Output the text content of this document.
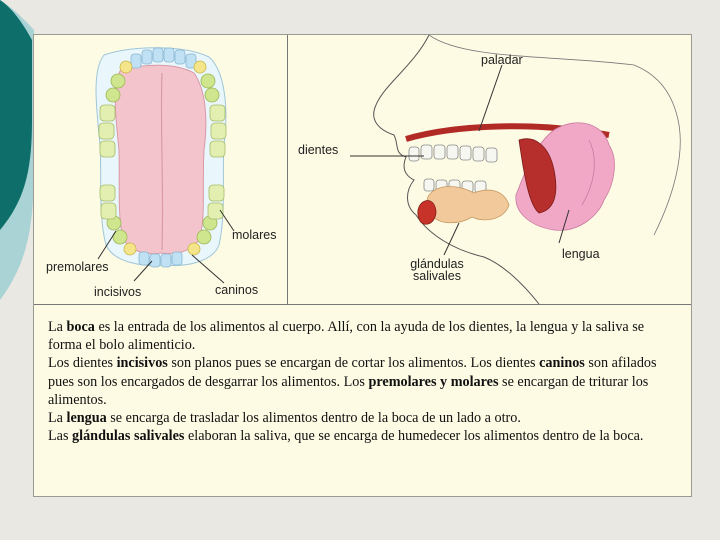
paladar
dientes
molares
premolares
incisivos	caninos
lengua
glándulas
salivales

La boca es la entrada de los alimentos al cuerpo. Allí, con la ayuda de los dientes, la lengua y la saliva se forma el bolo alimenticio.

Los dientes incisivos son planos pues se encargan de cortar los alimentos. Los dientes caninos son afilados pues son los encargados de desgarrar los alimentos. Los premolares y molares se encargan de triturar los alimentos.

La lengua se encarga de trasladar los alimentos dentro de la boca de un lado a otro.

Las glándulas salivales elaboran la saliva, que se encarga de humedecer los alimentos dentro de la boca.
